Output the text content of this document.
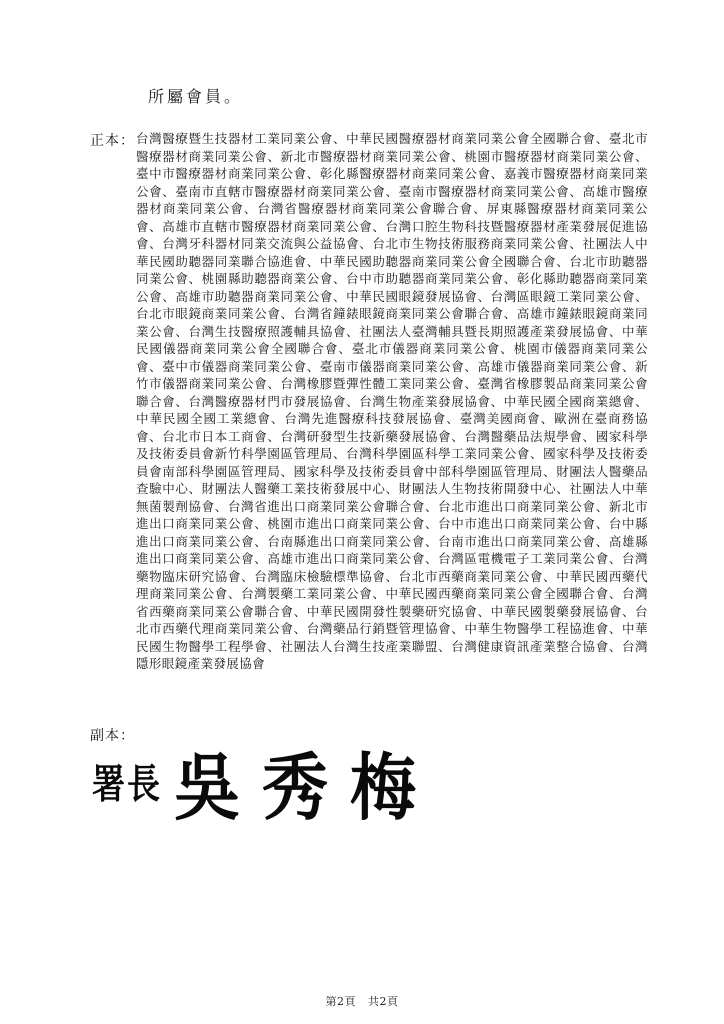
所屬會員。
正本： 台灣醫療暨生技器材工業同業公會、中華民國醫療器材商業同業公會全國聯合會、臺北市醫療器材商業同業公會、新北市醫療器材商業同業公會、桃園市醫療器材商業同業公會、臺中市醫療器材商業同業公會、彰化縣醫療器材商業同業公會、嘉義市醫療器材商業同業公會、臺南市直轄市醫療器材商業同業公會、臺南市醫療器材商業同業公會、高雄市醫療器材商業同業公會、台灣省醫療器材商業同業公會聯合會、屏東縣醫療器材商業同業公會、高雄市直轄市醫療器材商業同業公會、台灣口腔生物科技暨醫療器材產業發展促進協會、台灣牙科器材同業交流與公益協會、台北市生物技術服務商業同業公會、社團法人中華民國助聽器同業聯合協進會、中華民國助聽器商業同業公會全國聯合會、台北市助聽器同業公會、桃園縣助聽器商業公會、台中市助聽器商業同業公會、彰化縣助聽器商業同業公會、高雄市助聽器商業同業公會、中華民國眼鏡發展協會、台灣區眼鏡工業同業公會、台北市眼鏡商業同業公會、台灣省鐘錶眼鏡商業同業公會聯合會、高雄市鐘錶眼鏡商業同業公會、台灣生技醫療照護輔具協會、社團法人臺灣輔具暨長期照護產業發展協會、中華民國儀器商業同業公會全國聯合會、臺北市儀器商業同業公會、桃園市儀器商業同業公會、臺中市儀器商業同業公會、臺南市儀器商業同業公會、高雄市儀器商業同業公會、新竹市儀器商業同業公會、台灣橡膠暨彈性體工業同業公會、臺灣省橡膠製品商業同業公會聯合會、台灣醫療器材門市發展協會、台灣生物產業發展協會、中華民國全國商業總會、中華民國全國工業總會、台灣先進醫療科技發展協會、臺灣美國商會、歐洲在臺商務協會、台北市日本工商會、台灣研發型生技新藥發展協會、台灣醫藥品法規學會、國家科學及技術委員會新竹科學園區管理局、台灣科學園區科學工業同業公會、國家科學及技術委員會南部科學園區管理局、國家科學及技術委員會中部科學園區管理局、財團法人醫藥品查驗中心、財團法人醫藥工業技術發展中心、財團法人生物技術開發中心、社團法人中華無菌製劑協會、台灣省進出口商業同業公會聯合會、台北市進出口商業同業公會、新北市進出口商業同業公會、桃園市進出口商業同業公會、台中市進出口商業同業公會、台中縣進出口商業同業公會、台南縣進出口商業同業公會、台南市進出口商業同業公會、高雄縣進出口商業同業公會、高雄市進出口商業同業公會、台灣區電機電子工業同業公會、台灣藥物臨床研究協會、台灣臨床檢驗標準協會、台北市西藥商業同業公會、中華民國西藥代理商業同業公會、台灣製藥工業同業公會、中華民國西藥商業同業公會全國聯合會、台灣省西藥商業同業公會聯合會、中華民國開發性製藥研究協會、中華民國製藥發展協會、台北市西藥代理商業同業公會、台灣藥品行銷暨管理協會、中華生物醫學工程協進會、中華民國生物醫學工程學會、社團法人台灣生技產業聯盟、台灣健康資訊產業整合協會、台灣隱形眼鏡產業發展協會
副本：
署長 吳秀梅
第2頁 共2頁
